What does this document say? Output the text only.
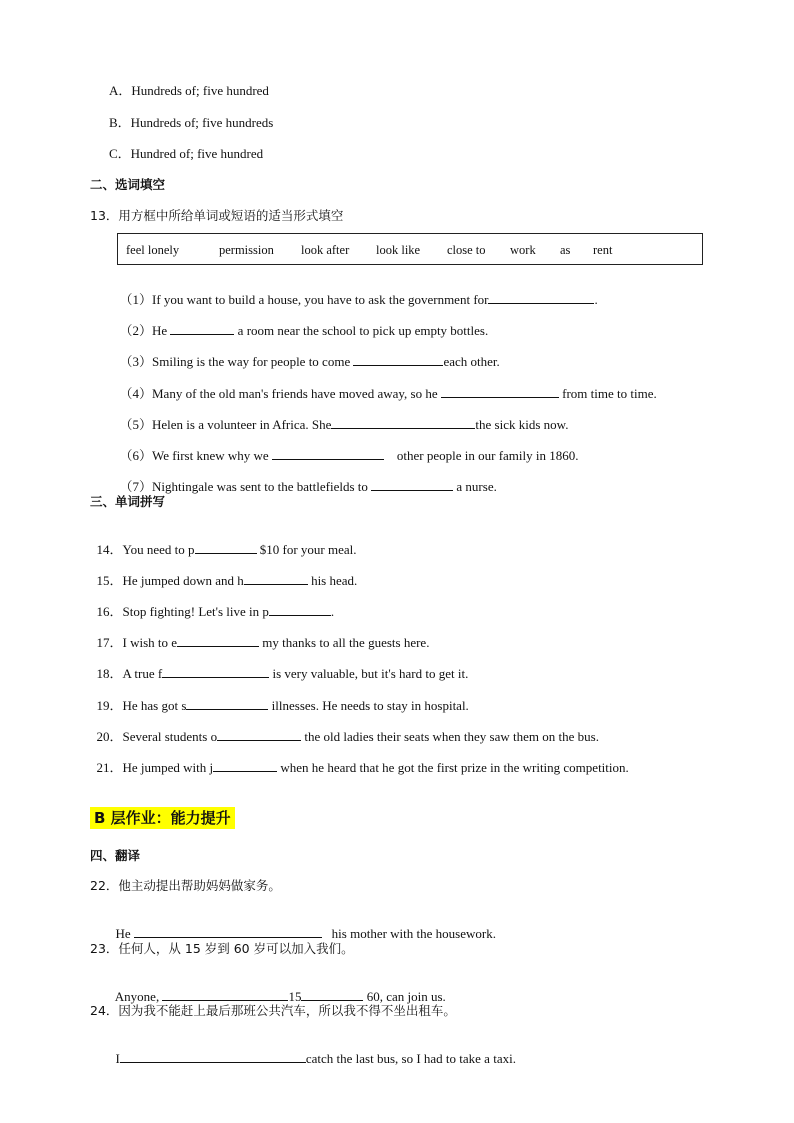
A．Hundreds of; five hundred
B．Hundreds of; five hundreds
C．Hundred of; five hundred
二、选词填空
13．用方框中所给单词或短语的适当形式填空
feel lonely	permission look after look like close to work as rent

（1）If you want to build a house, you have to ask the government for	.

（2）He	a room near the school to pick up empty bottles.

（3）Smiling is the way for people to come	each other.

（4）Many of the old man's friends have moved away, so he	from time to time.

（5）Helen is a volunteer in Africa. She	the sick kids now.

（6）We first knew why we	other people in our family in 1860.

（7）Nightingale was sent to the battlefields to	a nurse.

三、单词拼写

14．You need to p	$10 for your meal.

15．He jumped down and h	his head.

16．Stop fighting! Let's live in p	.

17．I wish to e	my thanks to all the guests here.

18．A true f	is very valuable, but it's hard to get it.

19．He has got s	illnesses. He needs to stay in hospital.

20．Several students o	the old ladies their seats when they saw them on the bus.

21．He jumped with j	when he heard that he got the first prize in the writing competition.

B 层作业：能力提升
四、翻译
22．他主动提出帮助妈妈做家务。

He	his mother with the housework.

23．任何人，从 15 岁到 60 岁可以加入我们。

Anyone,	15	60, can join us.

24．因为我不能赶上最后那班公共汽车，所以我不得不坐出租车。

I	catch the last bus, so I had to take a taxi.
